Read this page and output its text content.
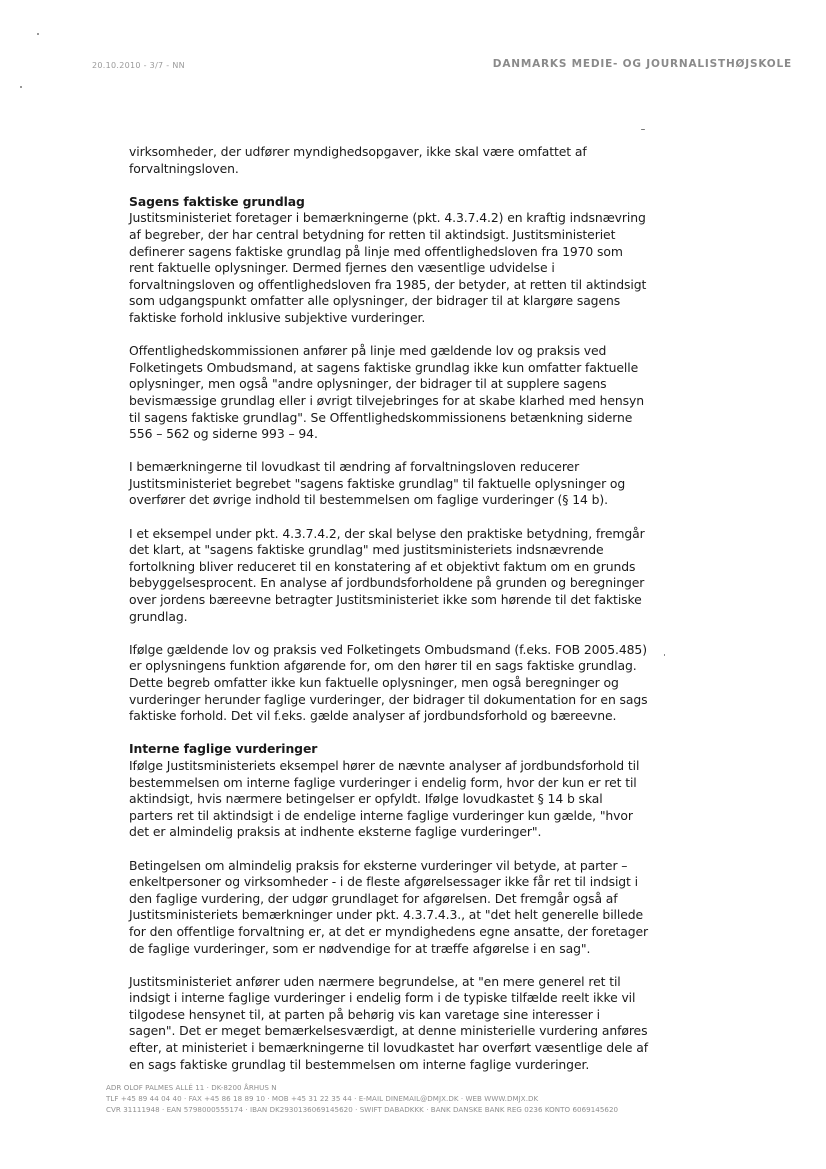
20.10.2010 - 3/7 - NN	DANMARKS MEDIE- OG JOURNALISTHØJSKOLE

virksomheder, der udfører myndighedsopgaver, ikke skal være omfattet af forvaltningsloven.

Sagens faktiske grundlag

Justitsministeriet foretager i bemærkningerne (pkt. 4.3.7.4.2) en kraftig indsnævring af begreber, der har central betydning for retten til aktindsigt. Justitsministeriet definerer sagens faktiske grundlag på linje med offentlighedsloven fra 1970 som rent faktuelle oplysninger. Dermed fjernes den væsentlige udvidelse i forvaltningsloven og offentlighedsloven fra 1985, der betyder, at retten til aktindsigt som udgangspunkt omfatter alle oplysninger, der bidrager til at klargøre sagens faktiske forhold inklusive subjektive vurderinger.

Offentlighedskommissionen anfører på linje med gældende lov og praksis ved Folketingets Ombudsmand, at sagens faktiske grundlag ikke kun omfatter faktuelle oplysninger, men også "andre oplysninger, der bidrager til at supplere sagens bevismæssige grundlag eller i øvrigt tilvejebringes for at skabe klarhed med hensyn til sagens faktiske grundlag". Se Offentlighedskommissionens betænkning siderne 556 – 562 og siderne 993 – 94.

I bemærkningerne til lovudkast til ændring af forvaltningsloven reducerer Justitsministeriet begrebet "sagens faktiske grundlag" til faktuelle oplysninger og overfører det øvrige indhold til bestemmelsen om faglige vurderinger (§ 14 b).

I et eksempel under pkt. 4.3.7.4.2, der skal belyse den praktiske betydning, fremgår det klart, at "sagens faktiske grundlag" med justitsministeriets indsnævrende fortolkning bliver reduceret til en konstatering af et objektivt faktum om en grunds bebyggelsesprocent. En analyse af jordbundsforholdene på grunden og beregninger over jordens bæreevne betragter Justitsministeriet ikke som hørende til det faktiske grundlag.

Ifølge gældende lov og praksis ved Folketingets Ombudsmand (f.eks. FOB 2005.485) er oplysningens funktion afgørende for, om den hører til en sags faktiske grundlag. Dette begreb omfatter ikke kun faktuelle oplysninger, men også beregninger og vurderinger herunder faglige vurderinger, der bidrager til dokumentation for en sags faktiske forhold. Det vil f.eks. gælde analyser af jordbundsforhold og bæreevne.

Interne faglige vurderinger

Ifølge Justitsministeriets eksempel hører de nævnte analyser af jordbundsforhold til bestemmelsen om interne faglige vurderinger i endelig form, hvor der kun er ret til aktindsigt, hvis nærmere betingelser er opfyldt. Ifølge lovudkastet § 14 b skal parters ret til aktindsigt i de endelige interne faglige vurderinger kun gælde, "hvor det er almindelig praksis at indhente eksterne faglige vurderinger".

Betingelsen om almindelig praksis for eksterne vurderinger vil betyde, at parter – enkeltpersoner og virksomheder - i de fleste afgørelsessager ikke får ret til indsigt i den faglige vurdering, der udgør grundlaget for afgørelsen. Det fremgår også af Justitsministeriets bemærkninger under pkt. 4.3.7.4.3., at "det helt generelle billede for den offentlige forvaltning er, at det er myndighedens egne ansatte, der foretager de faglige vurderinger, som er nødvendige for at træffe afgørelse i en sag".

Justitsministeriet anfører uden nærmere begrundelse, at "en mere generel ret til indsigt i interne faglige vurderinger i endelig form i de typiske tilfælde reelt ikke vil tilgodese hensynet til, at parten på behørig vis kan varetage sine interesser i sagen". Det er meget bemærkelsesværdigt, at denne ministerielle vurdering anføres efter, at ministeriet i bemærkningerne til lovudkastet har overført væsentlige dele af en sags faktiske grundlag til bestemmelsen om interne faglige vurderinger.

ADR OLOF PALMES ALLÉ 11 · DK-8200 ÅRHUS N
TLF +45 89 44 04 40 · FAX +45 86 18 89 10 · MOB +45 31 22 35 44 · E-MAIL DINEMAIL@DMJX.DK · WEB WWW.DMJX.DK
CVR 31111948 · EAN 5798000555174 · IBAN DK2930136069145620 · SWIFT DABADKKK · BANK DANSKE BANK REG 0236 KONTO 6069145620
